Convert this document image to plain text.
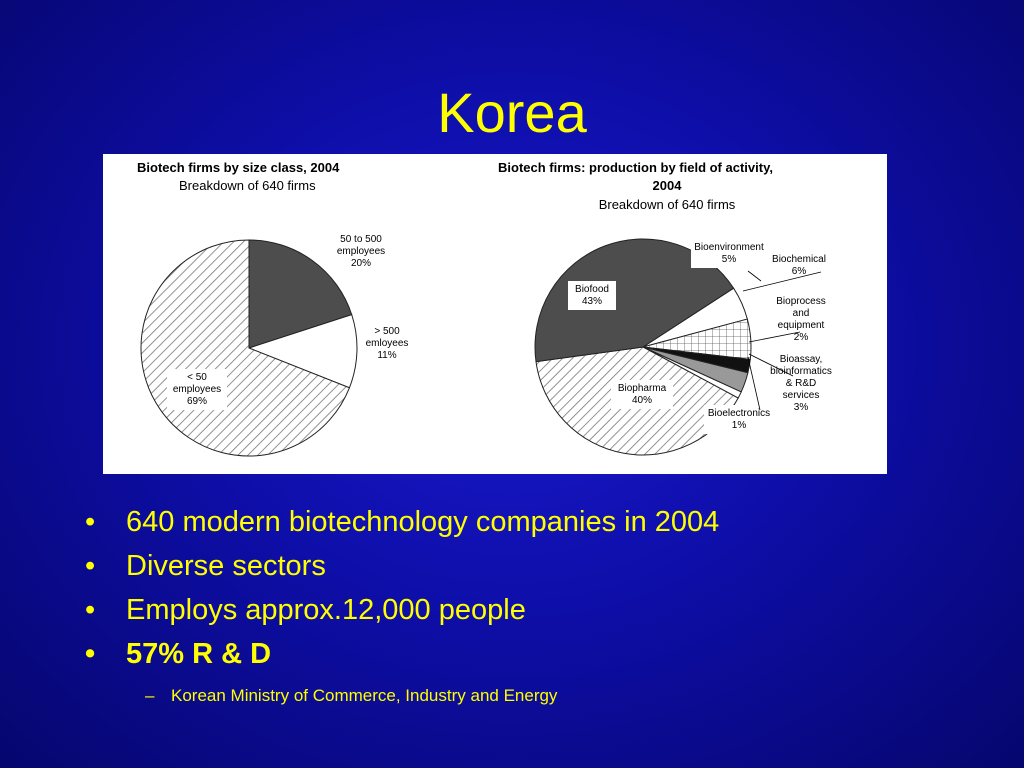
Korea
Biotech firms by size class, 2004
Breakdown of 640 firms
50 to 500
employees
20%
> 500
emloyees
11%
< 50
employees
69%
Biotech firms: production by field of activity,
2004
Breakdown of 640 firms
Bioenvironment
5%	Biochemical
6%
Bioprocess
and
equipment
2%
Bioassay,
bioinformatics
& R&D
services
3%
Bioelectronics
1%
Biopharma
40%
Biofood
43%
• 640 modern biotechnology companies in 2004
• Diverse sectors
• Employs approx.12,000 people
• 57% R & D
– Korean Ministry of Commerce, Industry and Energy
